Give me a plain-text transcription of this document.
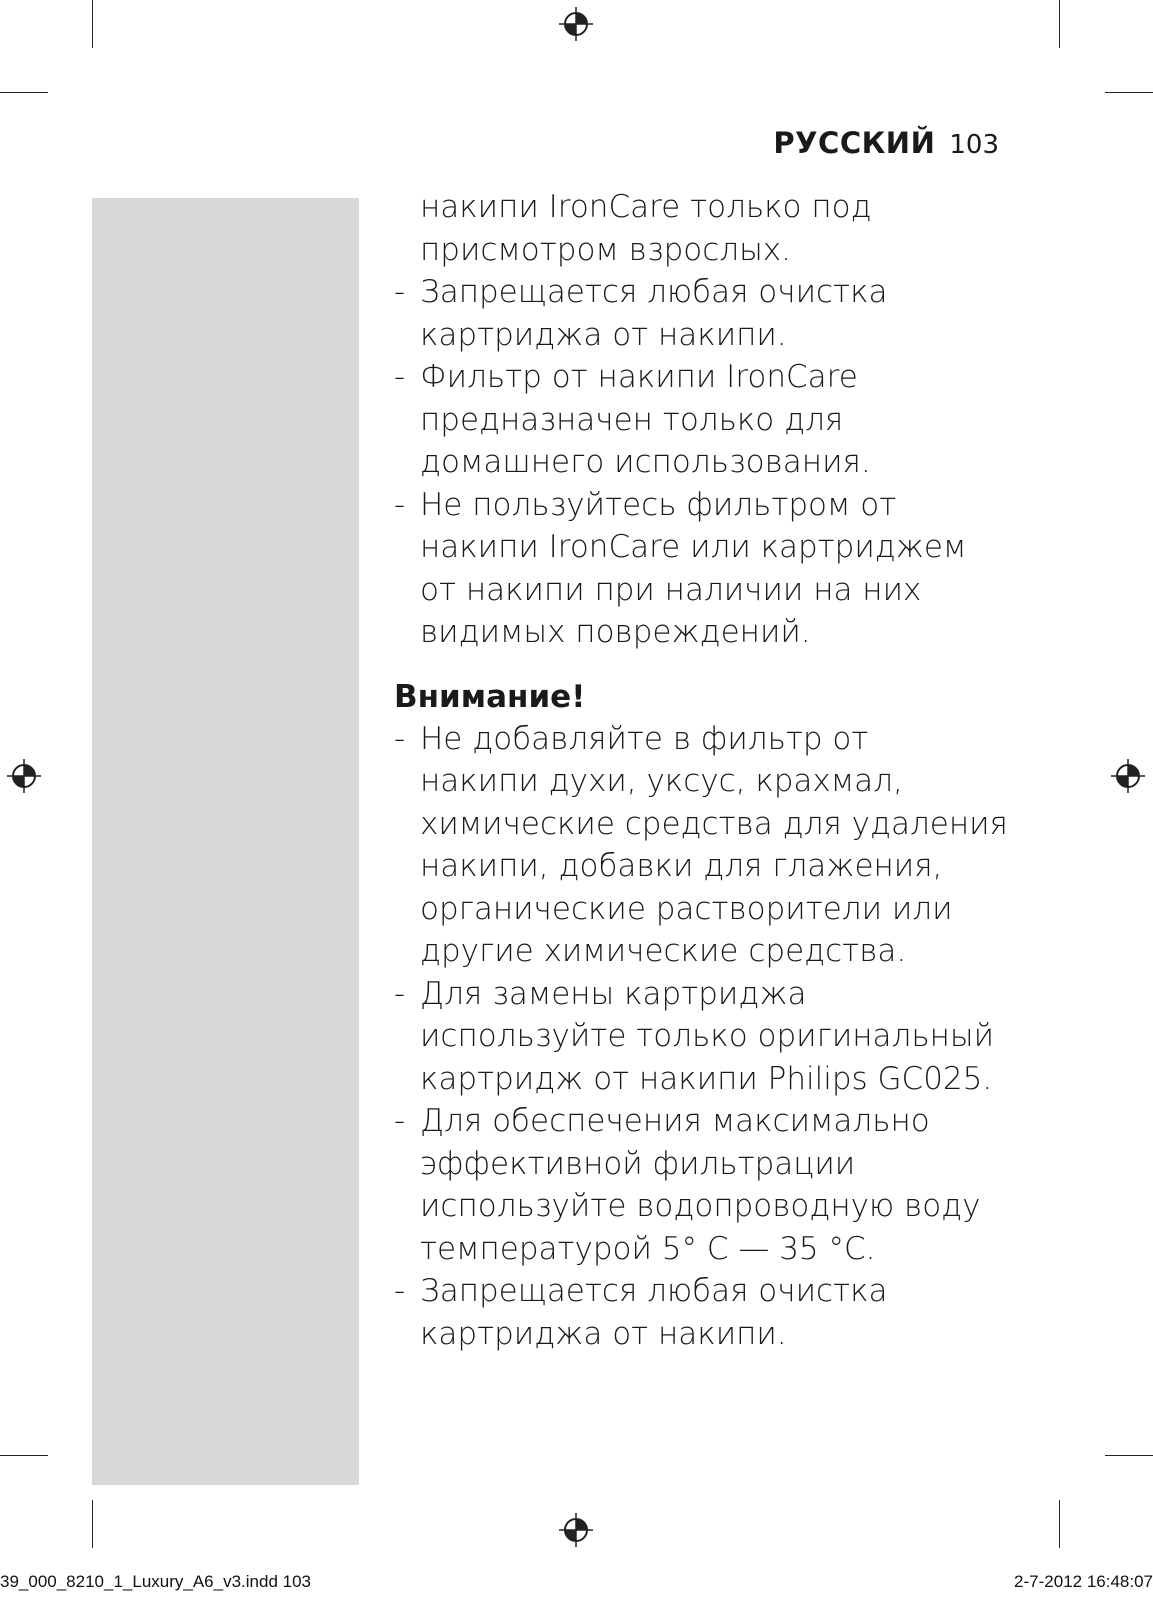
РУССКИЙ 103
накипи IronCare только под
присмотром взрослых.
- Запрещается любая очистка
картриджа от накипи.
- Фильтр от накипи IronCare
предназначен только для
домашнего использования.
- Не пользуйтесь фильтром от
накипи IronCare или картриджем
от накипи при наличии на них
видимых повреждений.
Внимание!
- Не добавляйте в фильтр от
накипи духи, уксус, крахмал,
химические средства для удаления
накипи, добавки для глажения,
органические растворители или
другие химические средства.
- Для замены картриджа
используйте только оригинальный
картридж от накипи Philips GC025.
- Для обеспечения максимально
эффективной фильтрации
используйте водопроводную воду
температурой 5° C — 35 °C.
- Запрещается любая очистка
картриджа от накипи.
39_000_8210_1_Luxury_A6_v3.indd 103	2-7-2012 16:48:07
